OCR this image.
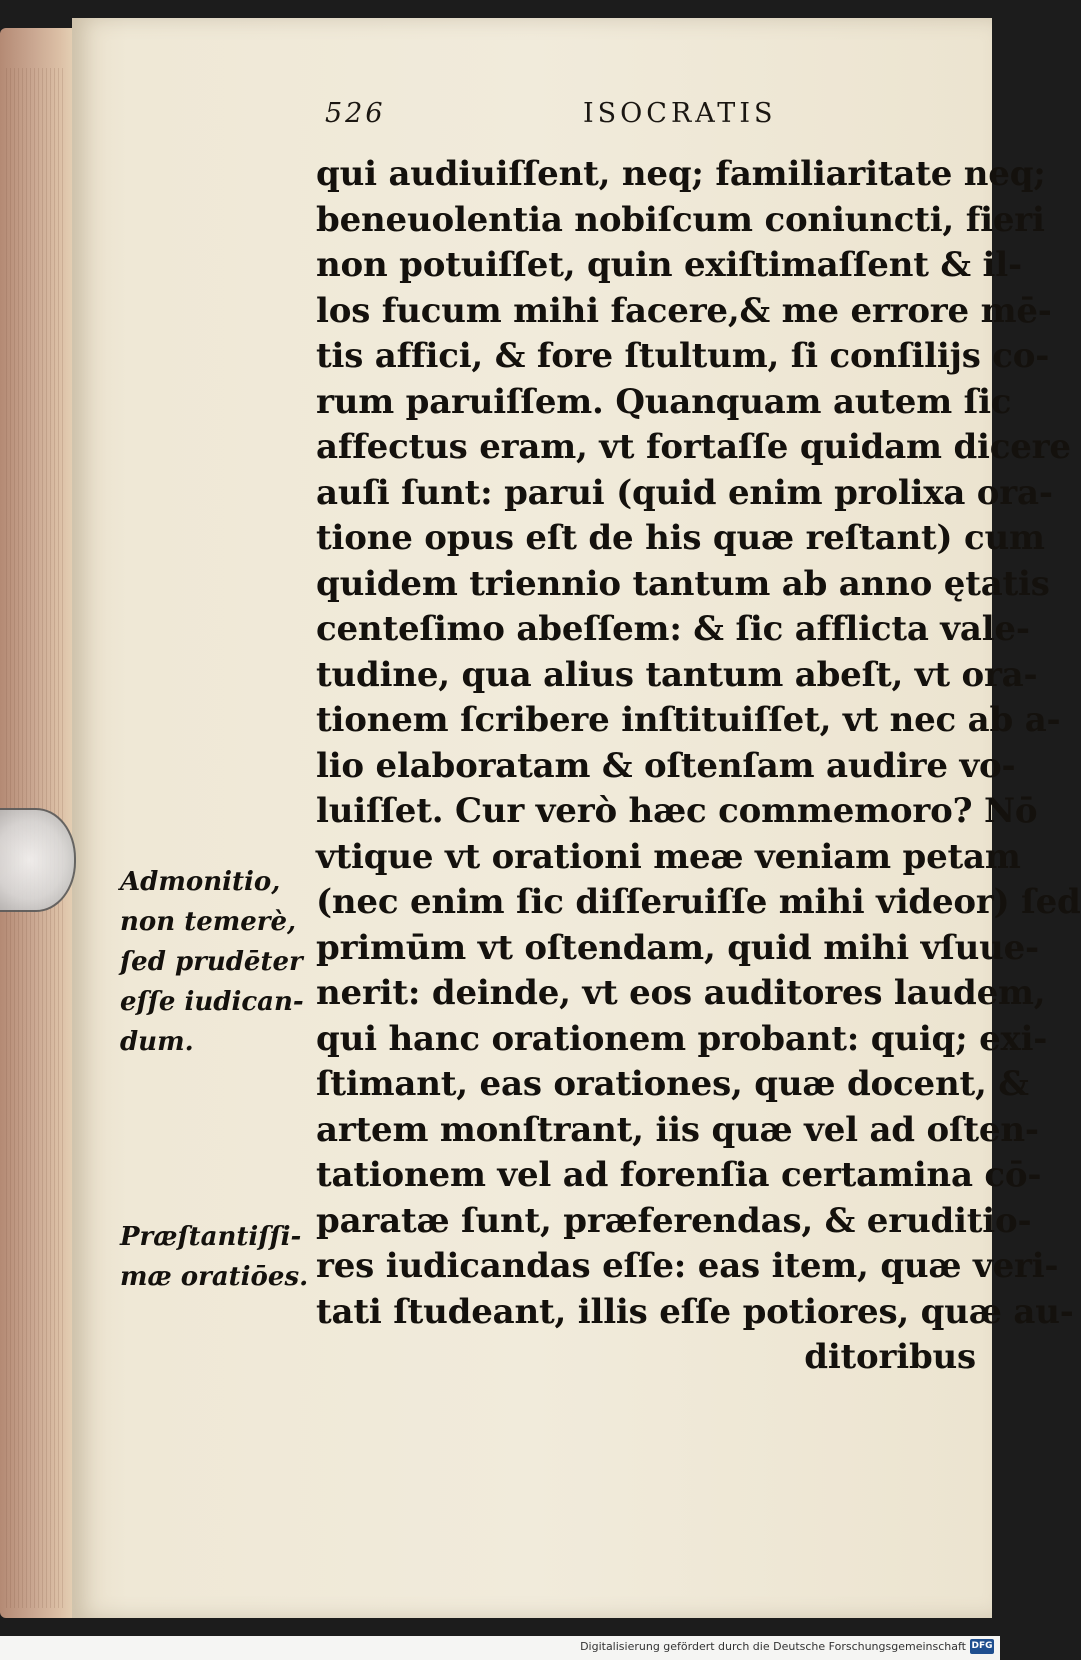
526	ISOCRATIS
qui audiuiſſent, neq; familiaritate neq;
beneuolentia nobiſcum coniuncti, fieri
non potuiſſet, quin exiſtimaſſent & il-
los fucum mihi facere,& me errore mē-
tis affici, & fore ſtultum, ſi conſilijs co-
rum paruiſſem. Quanquam autem ſic
affectus eram, vt fortaſſe quidam dicere
auſi ſunt: parui (quid enim prolixa ora-
tione opus eſt de his quæ reſtant) cum
quidem triennio tantum ab anno ętatis
centeſimo abeſſem: & ſic afflicta vale-
tudine, qua alius tantum abeſt, vt ora-
tionem ſcribere inſtituiſſet, vt nec ab a-
lio elaboratam & oſtenſam audire vo-
luiſſet. Cur verò hæc commemoro? Nō
vtique vt orationi meæ veniam petam
(nec enim ſic diſſeruiſſe mihi videor) ſed
primūm vt oſtendam, quid mihi vſuue-
nerit: deinde, vt eos auditores laudem,
qui hanc orationem probant: quiq; exi-
ſtimant, eas orationes, quæ docent, &
artem monſtrant, iis quæ vel ad oſten-
tationem vel ad forenſia certamina cō-
paratæ ſunt, præferendas, & eruditio-
res iudicandas eſſe: eas item, quæ veri-
tati ſtudeant, illis eſſe potiores, quæ au-
ditoribus
Admonitio,
non temerè,
ſed prudēter
eſſe iudican-
dum.
Præſtantiſſi-
mæ oratiōes.
Digitalisierung gefördert durch die Deutsche Forschungsgemeinschaft DFG
